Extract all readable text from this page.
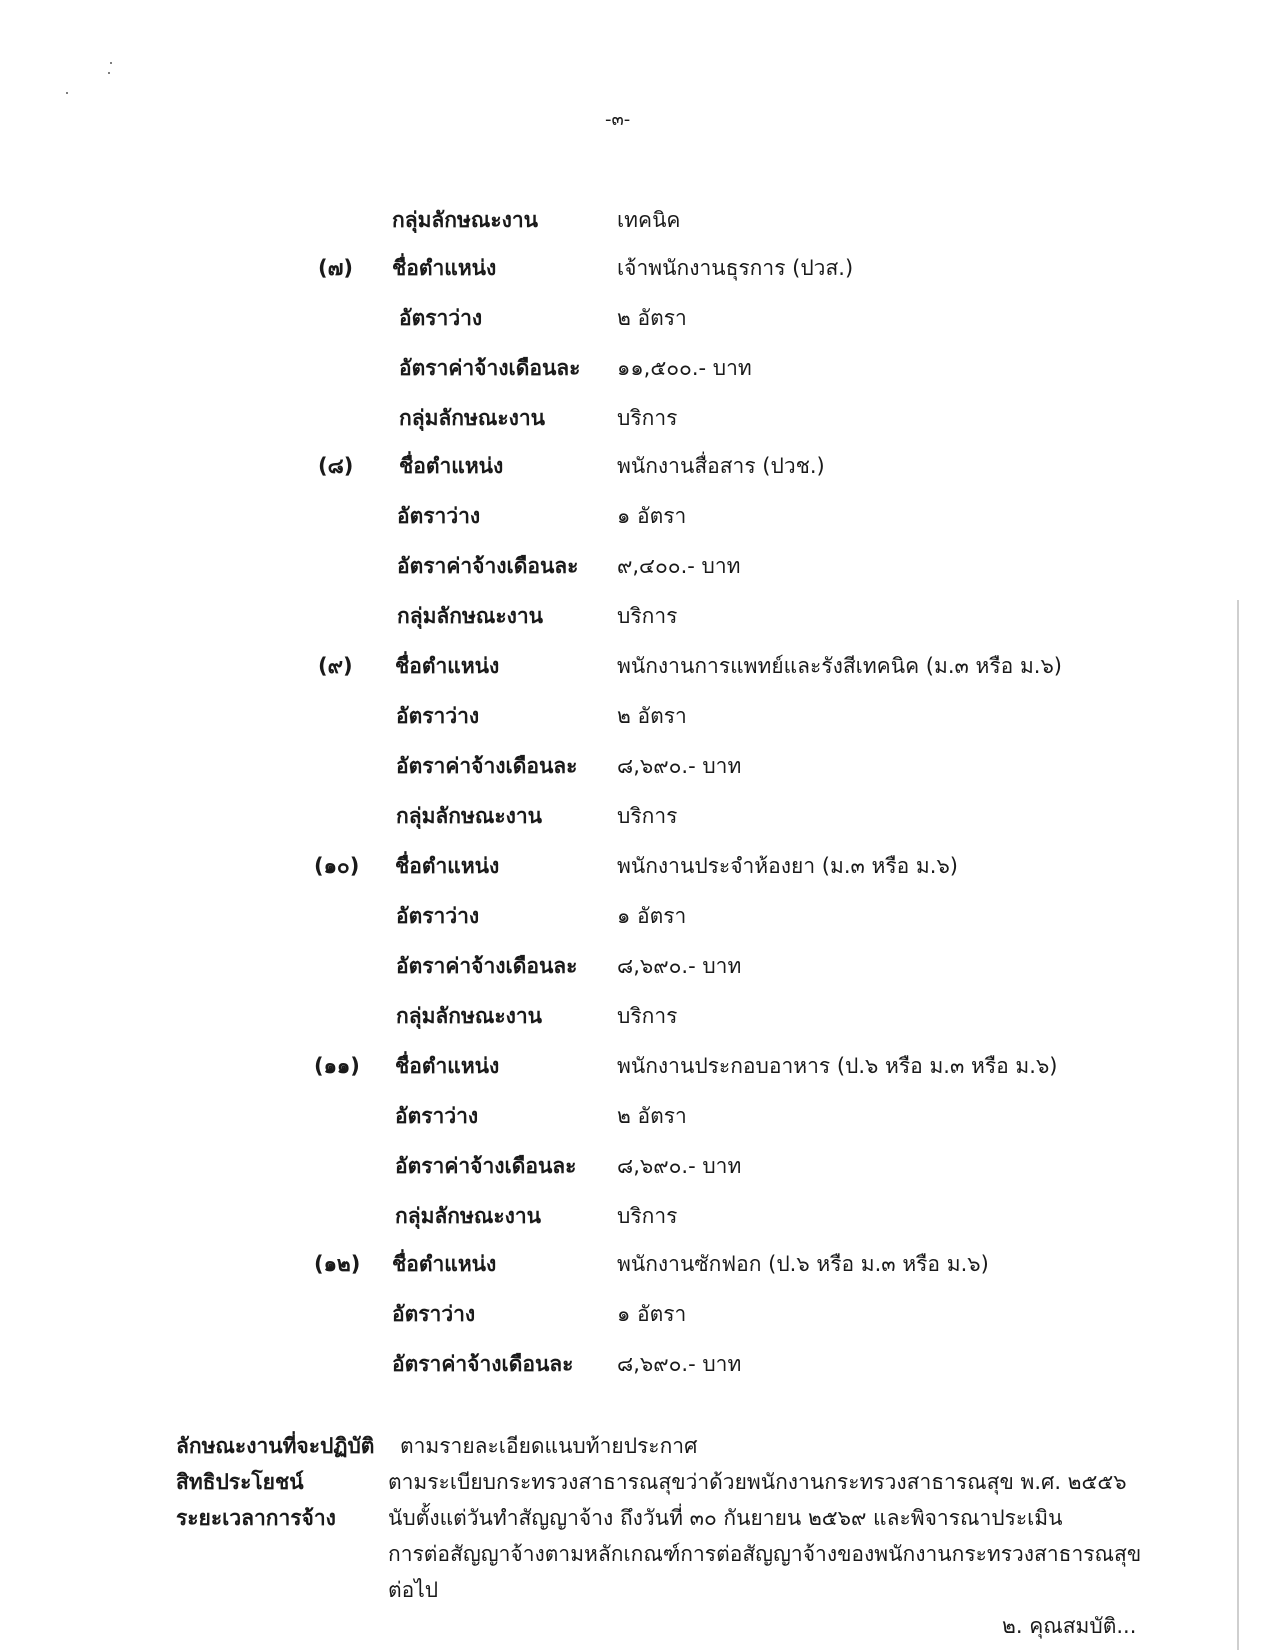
-๓-
กลุ่มลักษณะงาน	เทคนิค
(๗) ชื่อตำแหน่ง	เจ้าพนักงานธุรการ (ปวส.)
อัตราว่าง	๒ อัตรา
อัตราค่าจ้างเดือนละ ๑๑,๕๐๐.- บาท
กลุ่มลักษณะงาน	บริการ
(๘) ชื่อตำแหน่ง	พนักงานสื่อสาร (ปวช.)
อัตราว่าง	๑ อัตรา
อัตราค่าจ้างเดือนละ ๙,๔๐๐.- บาท
กลุ่มลักษณะงาน	บริการ
(๙) ชื่อตำแหน่ง	พนักงานการแพทย์และรังสีเทคนิค (ม.๓ หรือ ม.๖)
อัตราว่าง	๒ อัตรา
อัตราค่าจ้างเดือนละ ๘,๖๙๐.- บาท
กลุ่มลักษณะงาน	บริการ
(๑๐) ชื่อตำแหน่ง	พนักงานประจำห้องยา (ม.๓ หรือ ม.๖)
อัตราว่าง	๑ อัตรา
อัตราค่าจ้างเดือนละ ๘,๖๙๐.- บาท
กลุ่มลักษณะงาน	บริการ
(๑๑) ชื่อตำแหน่ง	พนักงานประกอบอาหาร (ป.๖ หรือ ม.๓ หรือ ม.๖)
อัตราว่าง	๒ อัตรา
อัตราค่าจ้างเดือนละ ๘,๖๙๐.- บาท
กลุ่มลักษณะงาน	บริการ
(๑๒) ชื่อตำแหน่ง	พนักงานซักฟอก (ป.๖ หรือ ม.๓ หรือ ม.๖)
อัตราว่าง	๑ อัตรา
อัตราค่าจ้างเดือนละ ๘,๖๙๐.- บาท
ลักษณะงานที่จะปฏิบัติ ตามรายละเอียดแนบท้ายประกาศ
สิทธิประโยชน์	ตามระเบียบกระทรวงสาธารณสุขว่าด้วยพนักงานกระทรวงสาธารณสุข พ.ศ. ๒๕๕๖
ระยะเวลาการจ้าง นับตั้งแต่วันทำสัญญาจ้าง ถึงวันที่ ๓๐ กันยายน ๒๕๖๙ และพิจารณาประเมิน
การต่อสัญญาจ้างตามหลักเกณฑ์การต่อสัญญาจ้างของพนักงานกระทรวงสาธารณสุข
ต่อไป
๒. คุณสมบัติ...
